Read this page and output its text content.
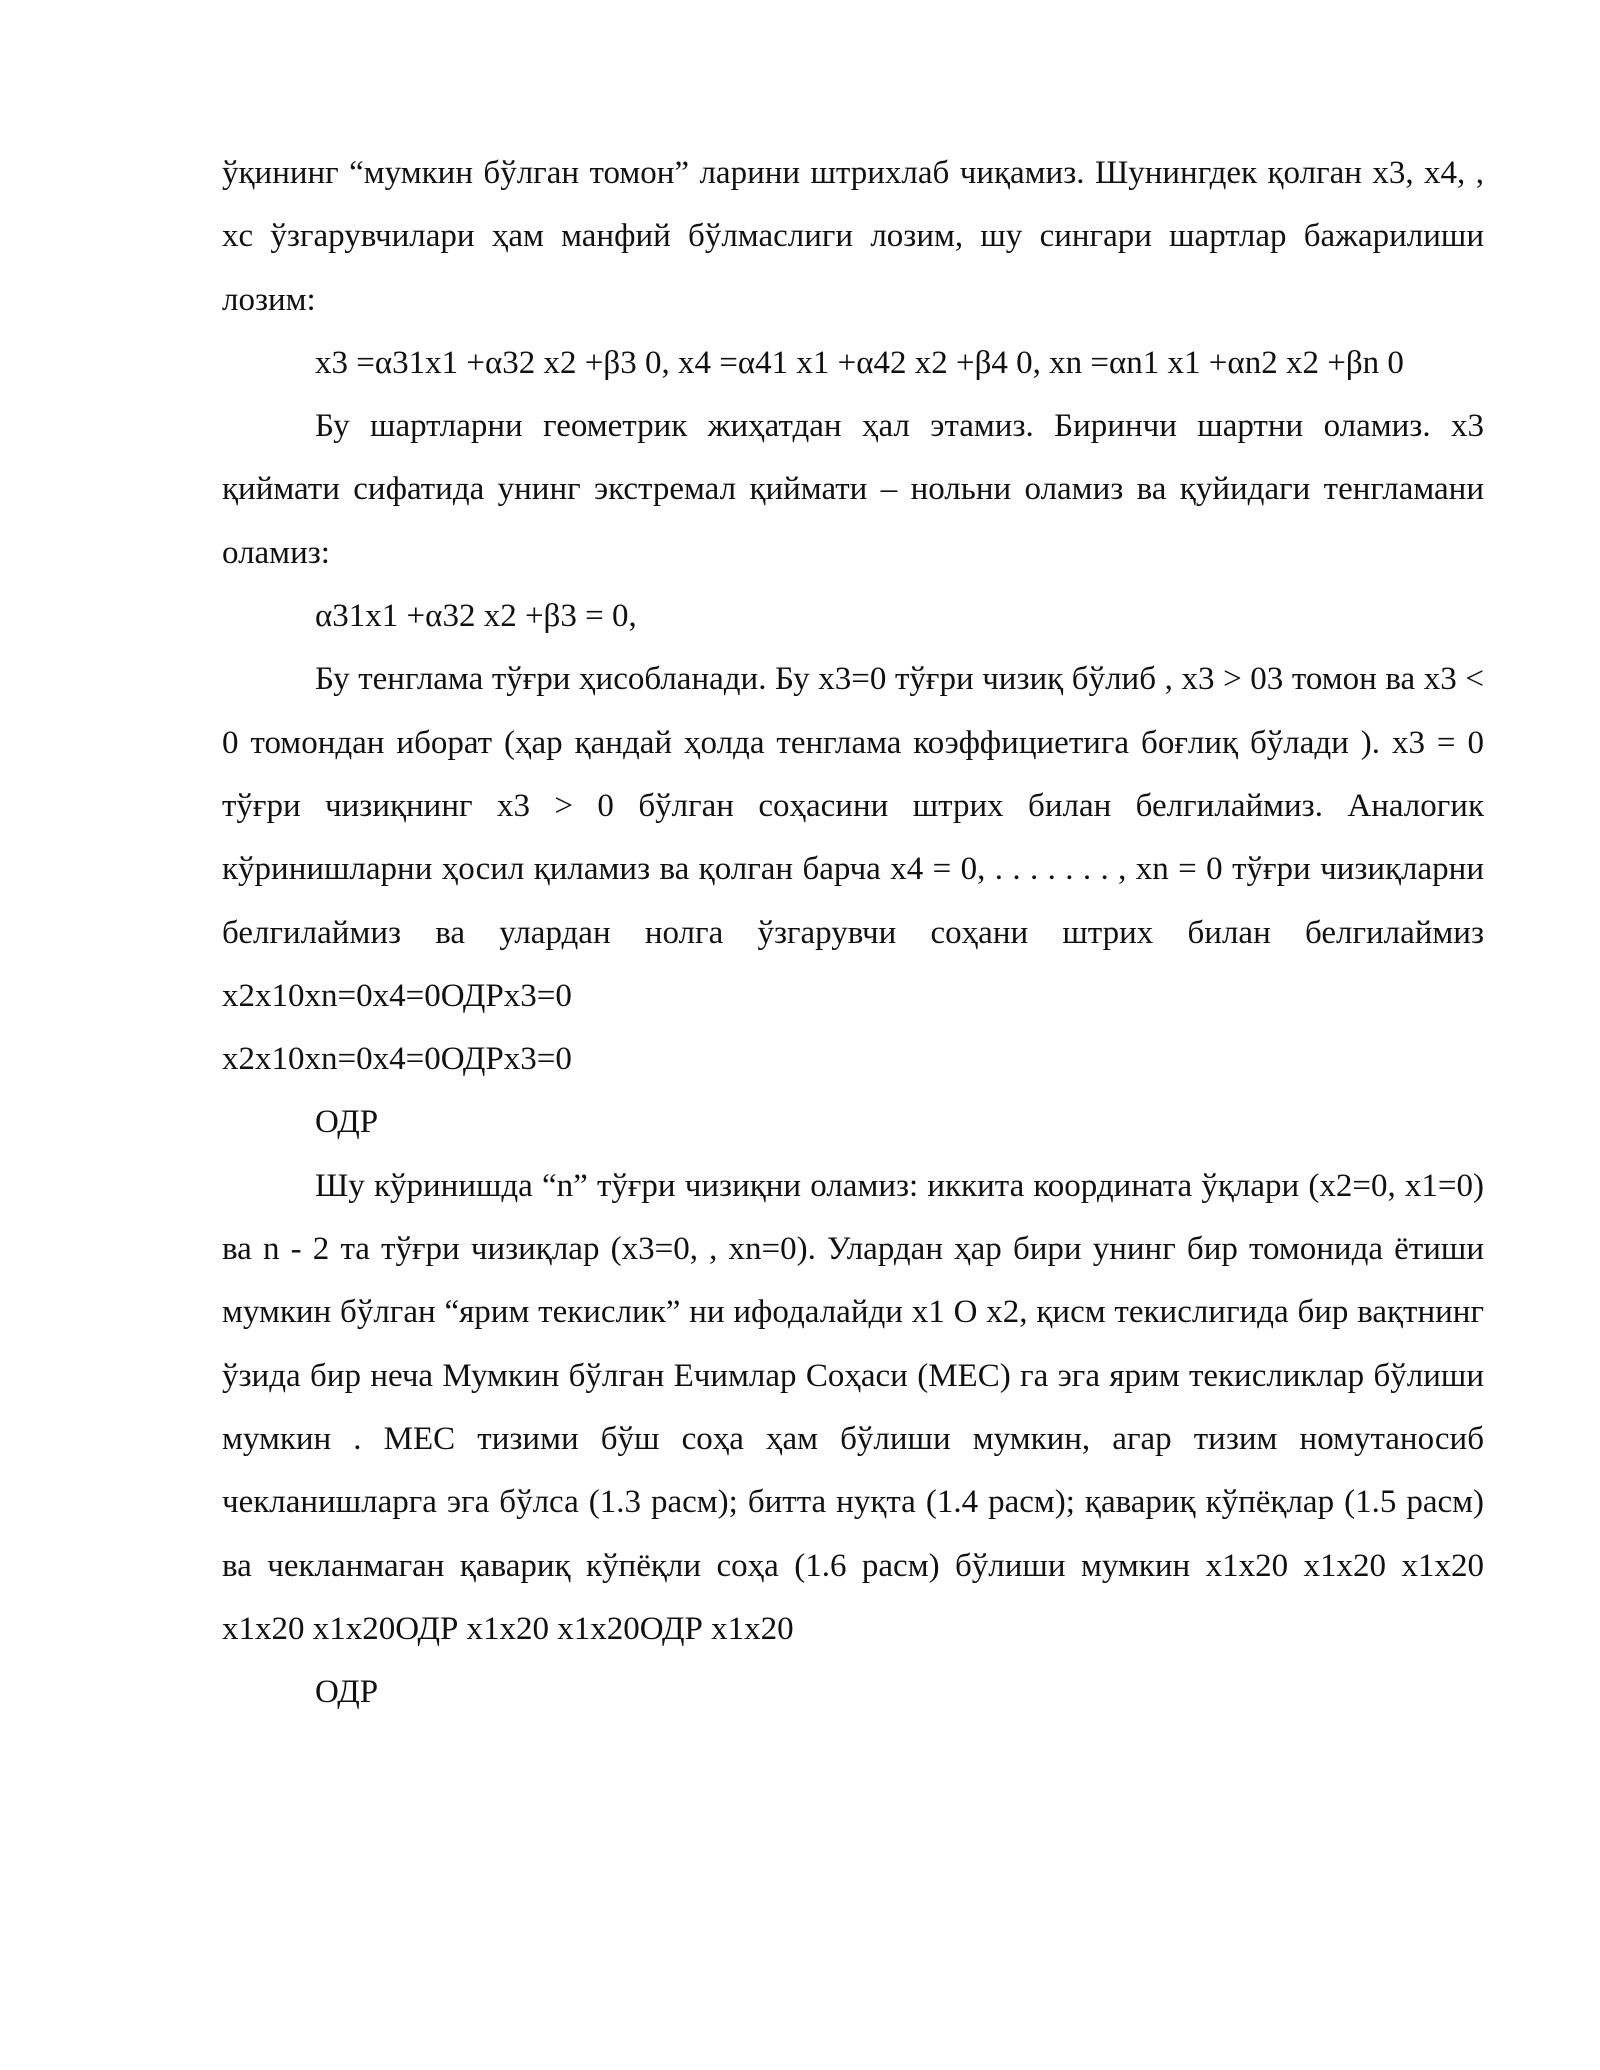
ўқининг “мумкин бўлган томон” ларини штрихлаб чиқамиз. Шунингдек қолган x3, x4, , xс ўзгарувчилари ҳам манфий бўлмаслиги лозим, шу сингари шартлар бажарилиши лозим:

x3 =α31x1 +α32 x2 +β3 0, x4 =α41 x1 +α42 x2 +β4 0, xn =αn1 x1 +αn2 x2 +βn 0

Бу шартларни геометрик жиҳатдан ҳал этамиз. Биринчи шартни оламиз. x3 қиймати сифатида унинг экстремал қиймати – нольни оламиз ва қуйидаги тенгламани оламиз:

α31x1 +α32 x2 +β3 = 0,

Бу тенглама тўғри ҳисобланади. Бу x3=0 тўғри чизиқ бўлиб , x3 > 03 томон ва x3 < 0 томондан иборат (ҳар қандай ҳолда тенглама коэффициетига боғлиқ бўлади ). x3 = 0 тўғри чизиқнинг x3 > 0 бўлган соҳасини штрих билан белгилаймиз. Аналогик кўринишларни ҳосил қиламиз ва қолган барча x4 = 0, . . . . . . . , xn = 0 тўғри чизиқларни белгилаймиз ва улардан нолга ўзгарувчи соҳани штрих билан белгилаймиз x2x10xn=0x4=0ОДРx3=0

x2x10xn=0x4=0ОДРx3=0

ОДР

Шу кўринишда “n” тўғри чизиқни оламиз: иккита координата ўқлари (x2=0, x1=0) ва n - 2 та тўғри чизиқлар (x3=0, , xn=0). Улардан ҳар бири унинг бир томонида ётиши мумкин бўлган “ярим текислик” ни ифодалайди x1 O x2, қисм текислигида бир вақтнинг ўзида бир неча Мумкин бўлган Ечимлар Соҳаси (МЕС) га эга ярим текисликлар бўлиши мумкин . МЕС тизими бўш соҳа ҳам бўлиши мумкин, агар тизим номутаносиб чекланишларга эга бўлса (1.3 расм); битта нуқта (1.4 расм); қавариқ кўпёқлар (1.5 расм) ва чекланмаган қавариқ кўпёқли соҳа (1.6 расм) бўлиши мумкин x1x20 x1x20 x1x20 x1x20 x1x20ОДР x1x20 x1x20ОДР x1x20

ОДР
